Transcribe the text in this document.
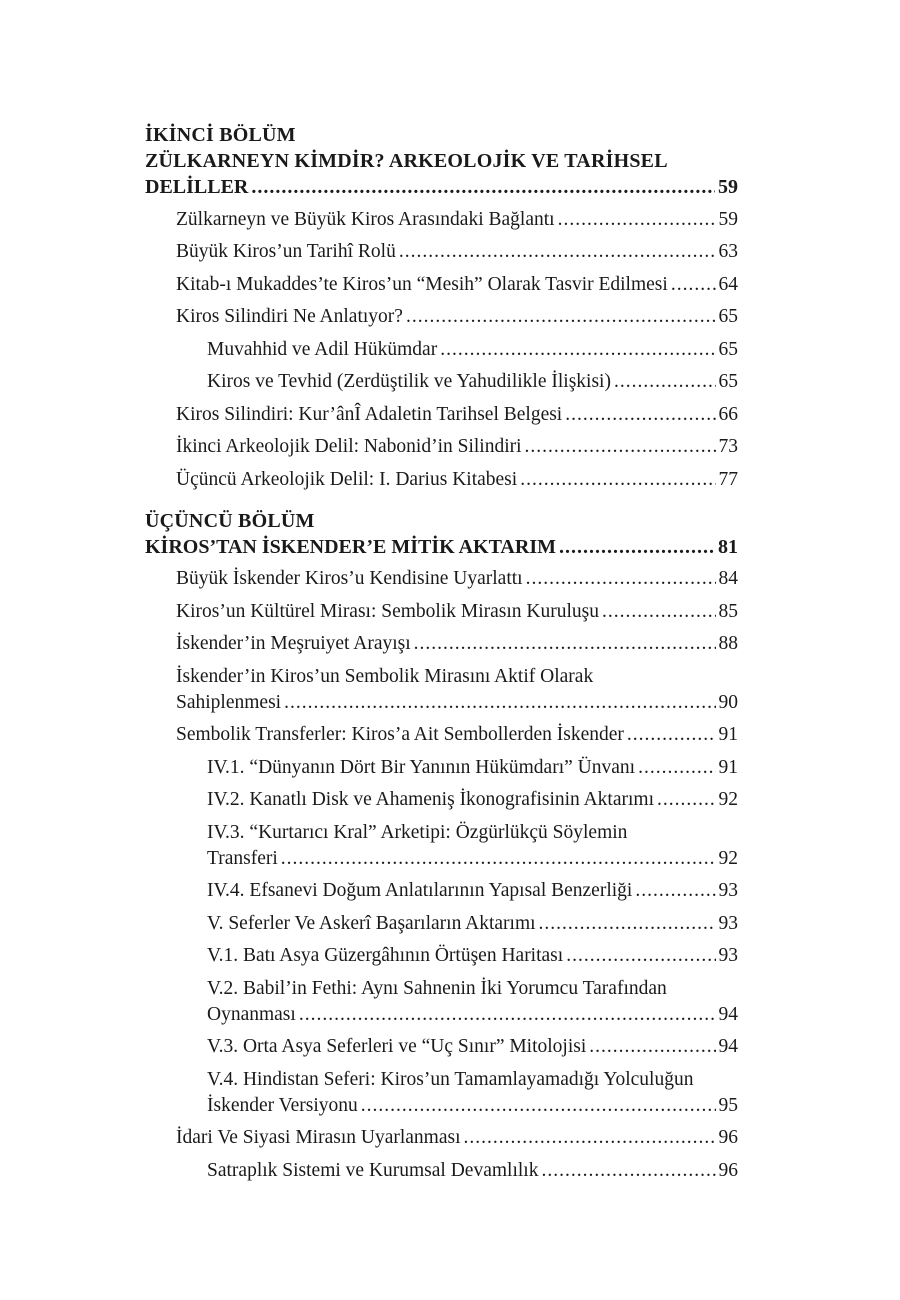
İKİNCİ BÖLÜM
ZÜLKARNEYN KİMDİR? ARKEOLOJİK VE TARİHSEL
DELİLLER .....	59
Zülkarneyn ve Büyük Kiros Arasındaki Bağlantı .....	59
Büyük Kiros’un Tarihî Rolü .....	63
Kitab-ı Mukaddes’te Kiros’un “Mesih” Olarak Tasvir Edilmesi .....	64
Kiros Silindiri Ne Anlatıyor? .....	65
Muvahhid ve Adil Hükümdar .....	65
Kiros ve Tevhid (Zerdüştilik ve Yahudilikle İlişkisi) .....	65
Kiros Silindiri: Kur’ânÎ Adaletin Tarihsel Belgesi .....	66
İkinci Arkeolojik Delil: Nabonid’in Silindiri .....	73
Üçüncü Arkeolojik Delil: I. Darius Kitabesi .....	77
ÜÇÜNCÜ BÖLÜM
KİROS’TAN İSKENDER’E MİTİK AKTARIM .....	81
Büyük İskender Kiros’u Kendisine Uyarlattı .....	84
Kiros’un Kültürel Mirası: Sembolik Mirasın Kuruluşu .....	85
İskender’in Meşruiyet Arayışı .....	88
İskender’in Kiros’un Sembolik Mirasını Aktif Olarak
Sahiplenmesi .....	90
Sembolik Transferler: Kiros’a Ait Sembollerden İskender .....	91
IV.1. “Dünyanın Dört Bir Yanının Hükümdarı” Ünvanı .....	91
IV.2. Kanatlı Disk ve Ahameniş İkonografisinin Aktarımı .....	92
IV.3. “Kurtarıcı Kral” Arketipi: Özgürlükçü Söylemin
Transferi .....	92
IV.4. Efsanevi Doğum Anlatılarının Yapısal Benzerliği .....	93
V. Seferler Ve Askerî Başarıların Aktarımı .....	93
V.1. Batı Asya Güzergâhının Örtüşen Haritası .....	93
V.2. Babil’in Fethi: Aynı Sahnenin İki Yorumcu Tarafından
Oynanması .....	94
V.3. Orta Asya Seferleri ve “Uç Sınır” Mitolojisi .....	94
V.4. Hindistan Seferi: Kiros’un Tamamlayamadığı Yolculuğun
İskender Versiyonu .....	95
İdari Ve Siyasi Mirasın Uyarlanması .....	96
Satraplık Sistemi ve Kurumsal Devamlılık .....	96
